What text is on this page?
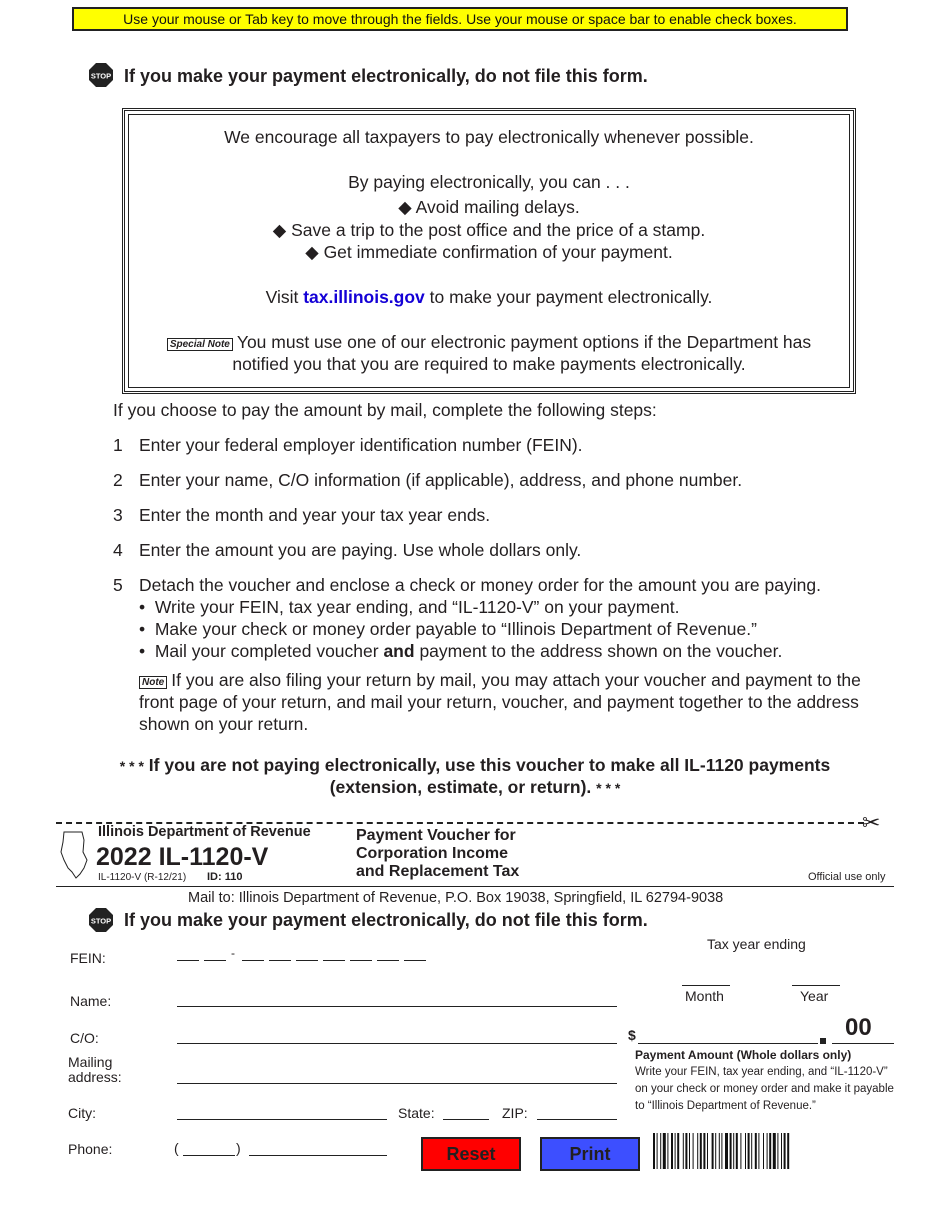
Use your mouse or Tab key to move through the fields. Use your mouse or space bar to enable check boxes.
STOP If you make your payment electronically, do not file this form.
We encourage all taxpayers to pay electronically whenever possible.
By paying electronically, you can . . .
◆ Avoid mailing delays.
◆ Save a trip to the post office and the price of a stamp.
◆ Get immediate confirmation of your payment.
Visit tax.illinois.gov to make your payment electronically.
Special Note You must use one of our electronic payment options if the Department has
notified you that you are required to make payments electronically.
If you choose to pay the amount by mail, complete the following steps:
1 Enter your federal employer identification number (FEIN).
2 Enter your name, C/O information (if applicable), address, and phone number.
3 Enter the month and year your tax year ends.
4 Enter the amount you are paying. Use whole dollars only.
5 Detach the voucher and enclose a check or money order for the amount you are paying.
•  Write your FEIN, tax year ending, and “IL-1120-V” on your payment.
•  Make your check or money order payable to “Illinois Department of Revenue.”
•  Mail your completed voucher and payment to the address shown on the voucher.
Note If you are also filing your return by mail, you may attach your voucher and payment to the
front page of your return, and mail your return, voucher, and payment together to the address
shown on your return.
* * * If you are not paying electronically, use this voucher to make all IL-1120 payments
(extension, estimate, or return). * * *
✂
Illinois Department of Revenue
2022 IL-1120-V
IL-1120-V (R-12/21) ID: 110
Payment Voucher for
Corporation Income
and Replacement Tax	Official use only
Mail to: Illinois Department of Revenue, P.O. Box 19038, Springfield, IL 62794-9038
STOP If you make your payment electronically, do not file this form.
FEIN:	-
Name:
C/O:
Mailing
address:
City:	State:	ZIP:
Phone:	(	)	Reset	Print
Tax year ending
Month	Year
$	00
Payment Amount (Whole dollars only)
Write your FEIN, tax year ending, and “IL-1120-V”
on your check or money order and make it payable
to “Illinois Department of Revenue.”
